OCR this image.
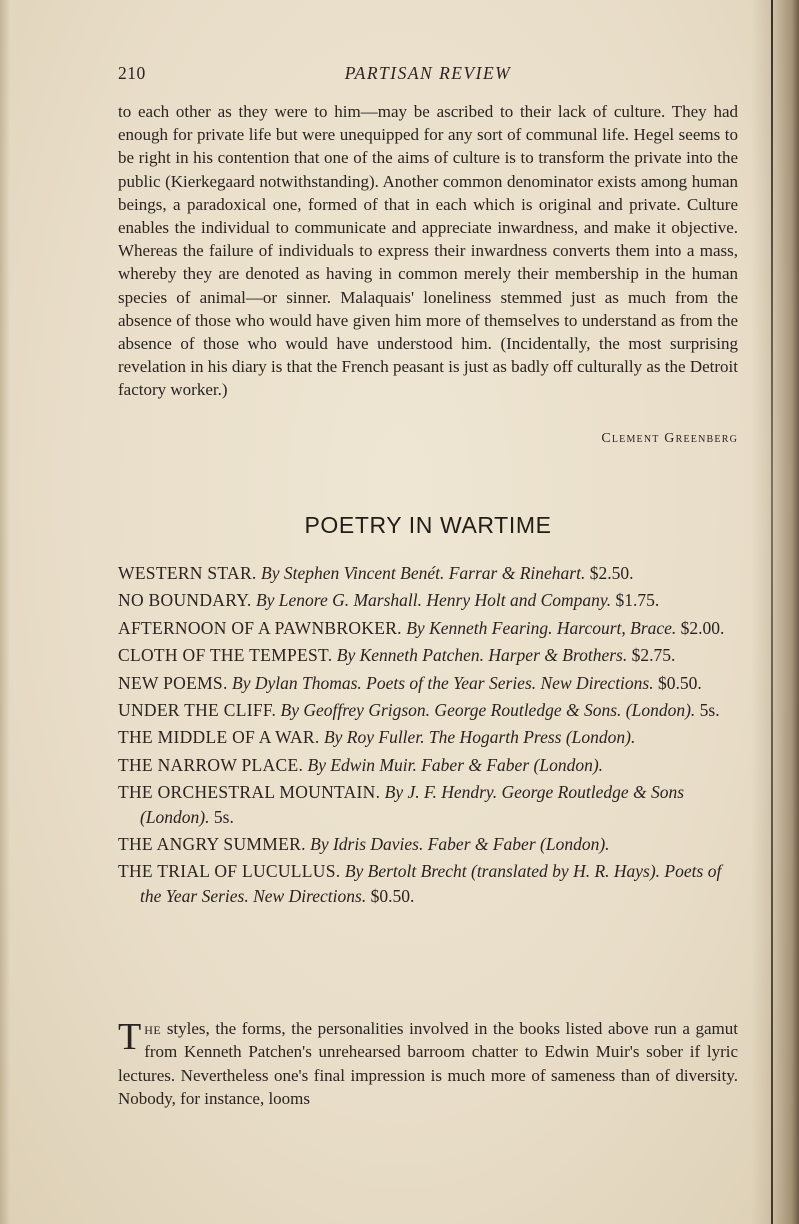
210	PARTISAN REVIEW

to each other as they were to him—may be ascribed to their lack of culture. They had enough for private life but were unequipped for any sort of communal life. Hegel seems to be right in his contention that one of the aims of culture is to transform the private into the public (Kierkegaard notwithstanding). Another common denominator exists among human beings, a paradoxical one, formed of that in each which is original and private. Culture enables the individual to communicate and appreciate inwardness, and make it objective. Whereas the failure of individuals to express their inwardness converts them into a mass, whereby they are denoted as having in common merely their membership in the human species of animal—or sinner. Malaquais' loneliness stemmed just as much from the absence of those who would have given him more of themselves to understand as from the absence of those who would have understood him. (Incidentally, the most surprising revelation in his diary is that the French peasant is just as badly off culturally as the Detroit factory worker.)

Clement Greenberg
POETRY IN WARTIME
WESTERN STAR. By Stephen Vincent Benét. Farrar & Rinehart. $2.50.
NO BOUNDARY. By Lenore G. Marshall. Henry Holt and Company. $1.75.
AFTERNOON OF A PAWNBROKER. By Kenneth Fearing. Harcourt, Brace. $2.00.
CLOTH OF THE TEMPEST. By Kenneth Patchen. Harper & Brothers. $2.75.
NEW POEMS. By Dylan Thomas. Poets of the Year Series. New Directions. $0.50.
UNDER THE CLIFF. By Geoffrey Grigson. George Routledge & Sons. (London). 5s.
THE MIDDLE OF A WAR. By Roy Fuller. The Hogarth Press (London).
THE NARROW PLACE. By Edwin Muir. Faber & Faber (London).
THE ORCHESTRAL MOUNTAIN. By J. F. Hendry. George Routledge & Sons (London). 5s.
THE ANGRY SUMMER. By Idris Davies. Faber & Faber (London).
THE TRIAL OF LUCULLUS. By Bertolt Brecht (translated by H. R. Hays). Poets of the Year Series. New Directions. $0.50.

The styles, the forms, the personalities involved in the books listed above run a gamut from Kenneth Patchen's unrehearsed barroom chatter to Edwin Muir's sober if lyric lectures. Nevertheless one's final impression is much more of sameness than of diversity. Nobody, for instance, looms
